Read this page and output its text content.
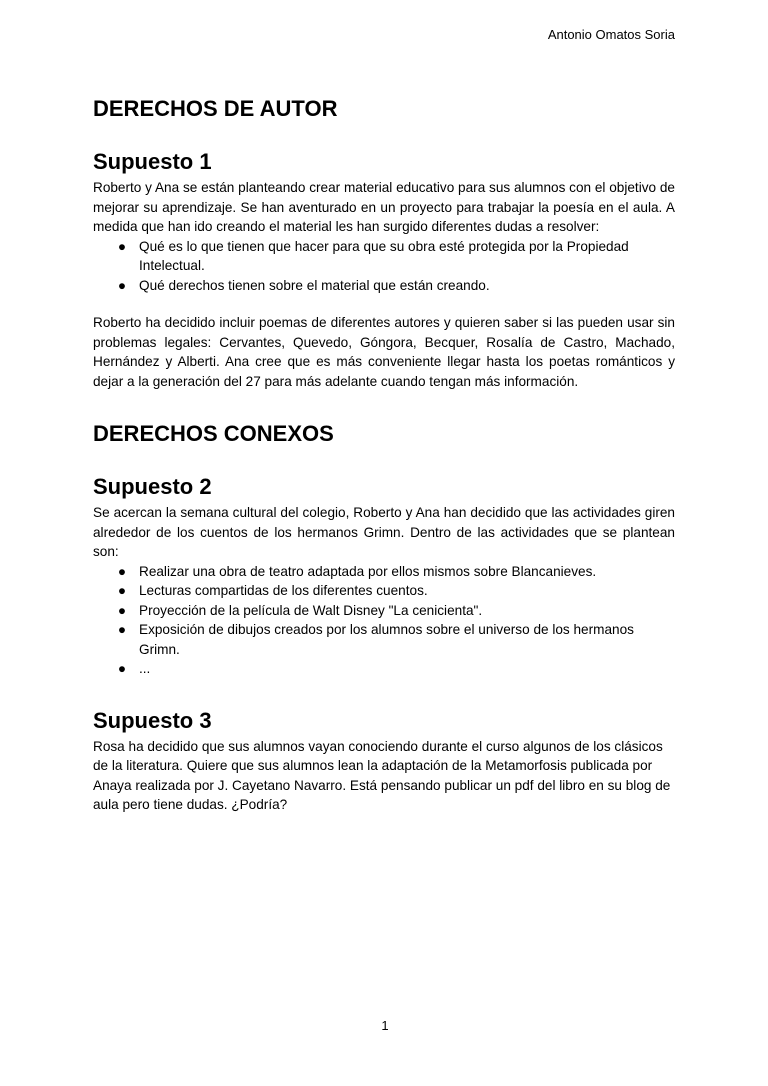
Antonio Omatos Soria
DERECHOS DE AUTOR
Supuesto 1

Roberto y Ana se están planteando crear material educativo para sus alumnos con el objetivo de mejorar su aprendizaje. Se han aventurado en un proyecto para trabajar la poesía en el aula. A medida que han ido creando el material les han surgido diferentes dudas a resolver:

● Qué es lo que tienen que hacer para que su obra esté protegida por la Propiedad Intelectual.
● Qué derechos tienen sobre el material que están creando.

Roberto ha decidido incluir poemas de diferentes autores y quieren saber si las pueden usar sin problemas legales: Cervantes, Quevedo, Góngora, Becquer, Rosalía de Castro, Machado, Hernández y Alberti. Ana cree que es más conveniente llegar hasta los poetas románticos y dejar a la generación del 27 para más adelante cuando tengan más información.

DERECHOS CONEXOS
Supuesto 2

Se acercan la semana cultural del colegio, Roberto y Ana han decidido que las actividades giren alrededor de los cuentos de los hermanos Grimn. Dentro de las actividades que se plantean son:

● Realizar una obra de teatro adaptada por ellos mismos sobre Blancanieves.
● Lecturas compartidas de los diferentes cuentos.
● Proyección de la película de Walt Disney "La cenicienta".
● Exposición de dibujos creados por los alumnos sobre el universo de los hermanos Grimn.
● ...
Supuesto 3

Rosa ha decidido que sus alumnos vayan conociendo durante el curso algunos de los clásicos de la literatura. Quiere que sus alumnos lean la adaptación de la Metamorfosis publicada por Anaya realizada por J. Cayetano Navarro. Está pensando publicar un pdf del libro en su blog de aula pero tiene dudas. ¿Podría?

1
